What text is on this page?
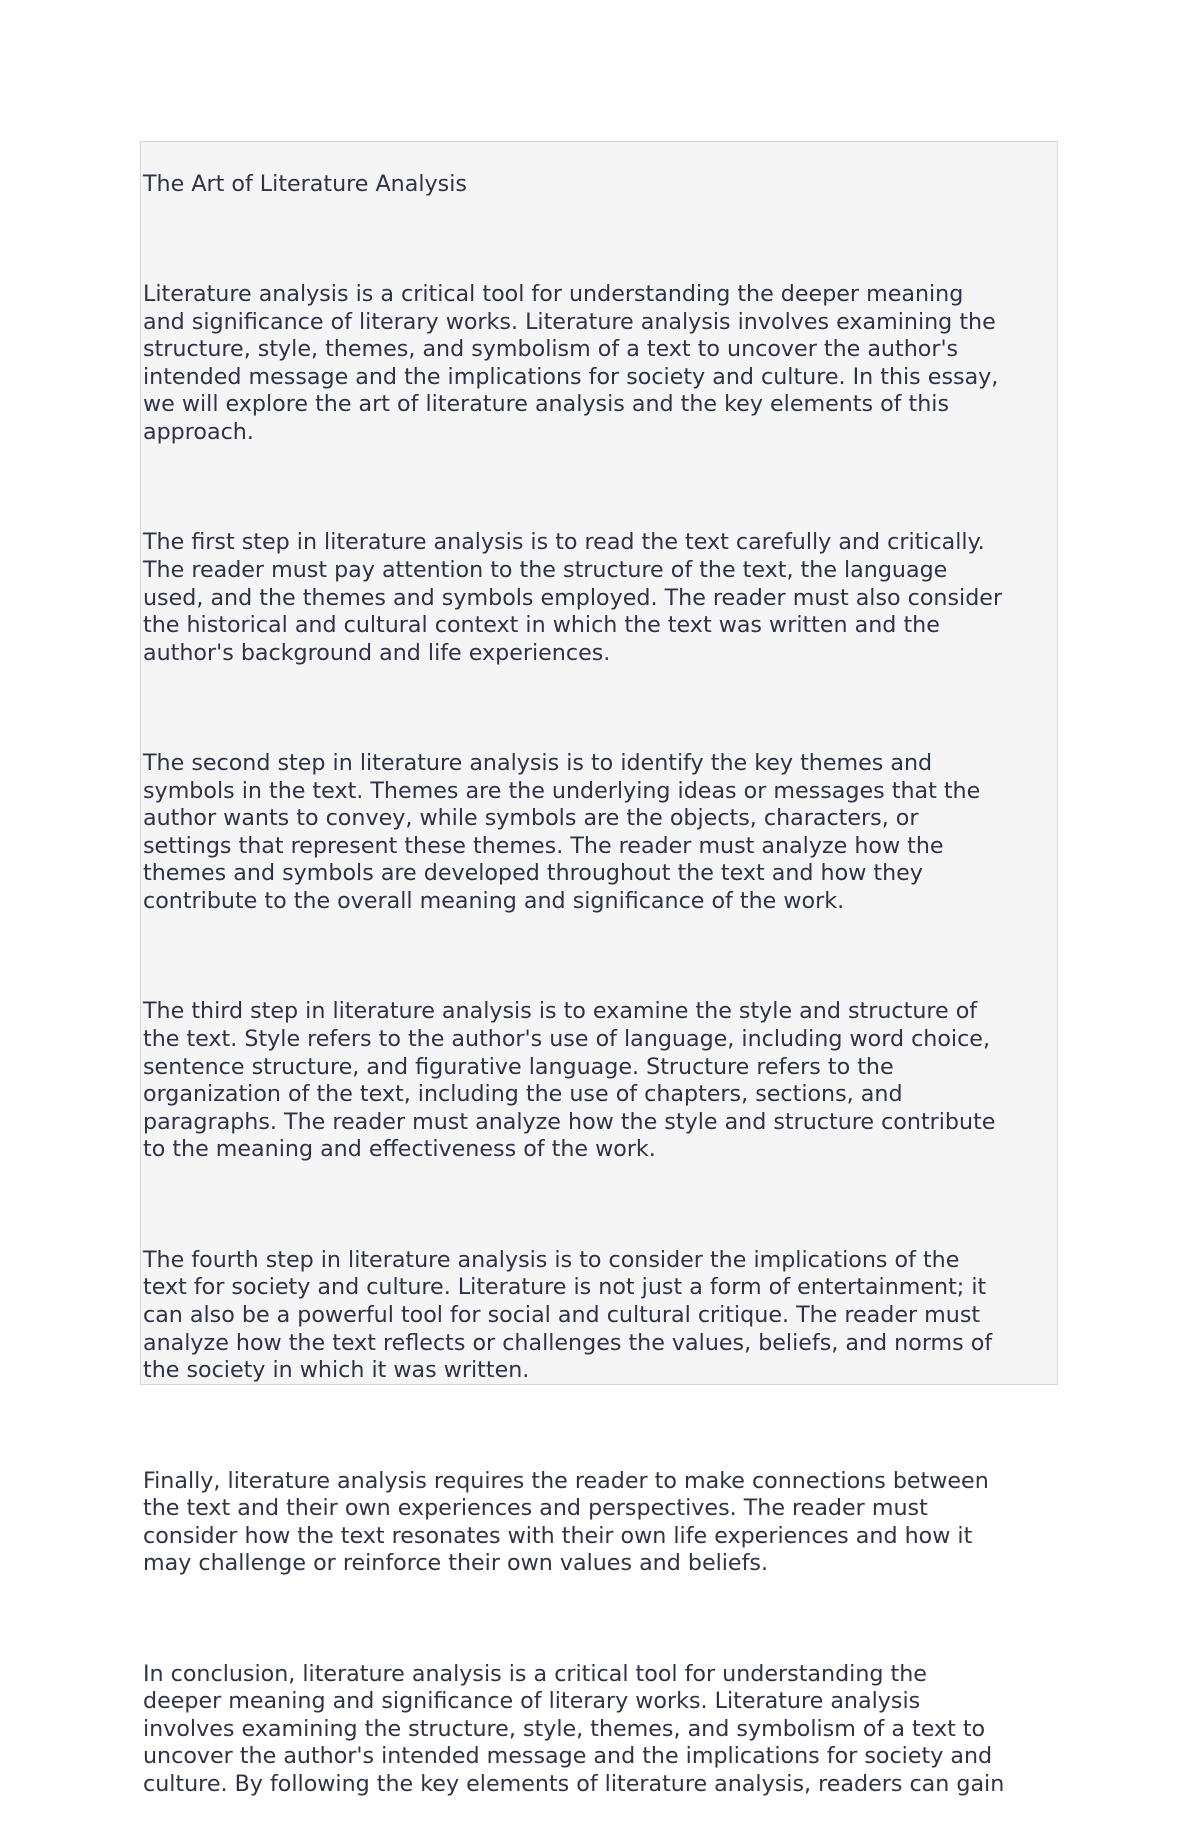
The Art of Literature Analysis

Literature analysis is a critical tool for understanding the deeper meaning
and significance of literary works. Literature analysis involves examining the
structure, style, themes, and symbolism of a text to uncover the author's
intended message and the implications for society and culture. In this essay,
we will explore the art of literature analysis and the key elements of this
approach.

The first step in literature analysis is to read the text carefully and critically.
The reader must pay attention to the structure of the text, the language
used, and the themes and symbols employed. The reader must also consider
the historical and cultural context in which the text was written and the
author's background and life experiences.

The second step in literature analysis is to identify the key themes and
symbols in the text. Themes are the underlying ideas or messages that the
author wants to convey, while symbols are the objects, characters, or
settings that represent these themes. The reader must analyze how the
themes and symbols are developed throughout the text and how they
contribute to the overall meaning and significance of the work.

The third step in literature analysis is to examine the style and structure of
the text. Style refers to the author's use of language, including word choice,
sentence structure, and figurative language. Structure refers to the
organization of the text, including the use of chapters, sections, and
paragraphs. The reader must analyze how the style and structure contribute
to the meaning and effectiveness of the work.

The fourth step in literature analysis is to consider the implications of the
text for society and culture. Literature is not just a form of entertainment; it
can also be a powerful tool for social and cultural critique. The reader must
analyze how the text reflects or challenges the values, beliefs, and norms of
the society in which it was written.

Finally, literature analysis requires the reader to make connections between
the text and their own experiences and perspectives. The reader must
consider how the text resonates with their own life experiences and how it
may challenge or reinforce their own values and beliefs.

In conclusion, literature analysis is a critical tool for understanding the
deeper meaning and significance of literary works. Literature analysis
involves examining the structure, style, themes, and symbolism of a text to
uncover the author's intended message and the implications for society and
culture. By following the key elements of literature analysis, readers can gain
